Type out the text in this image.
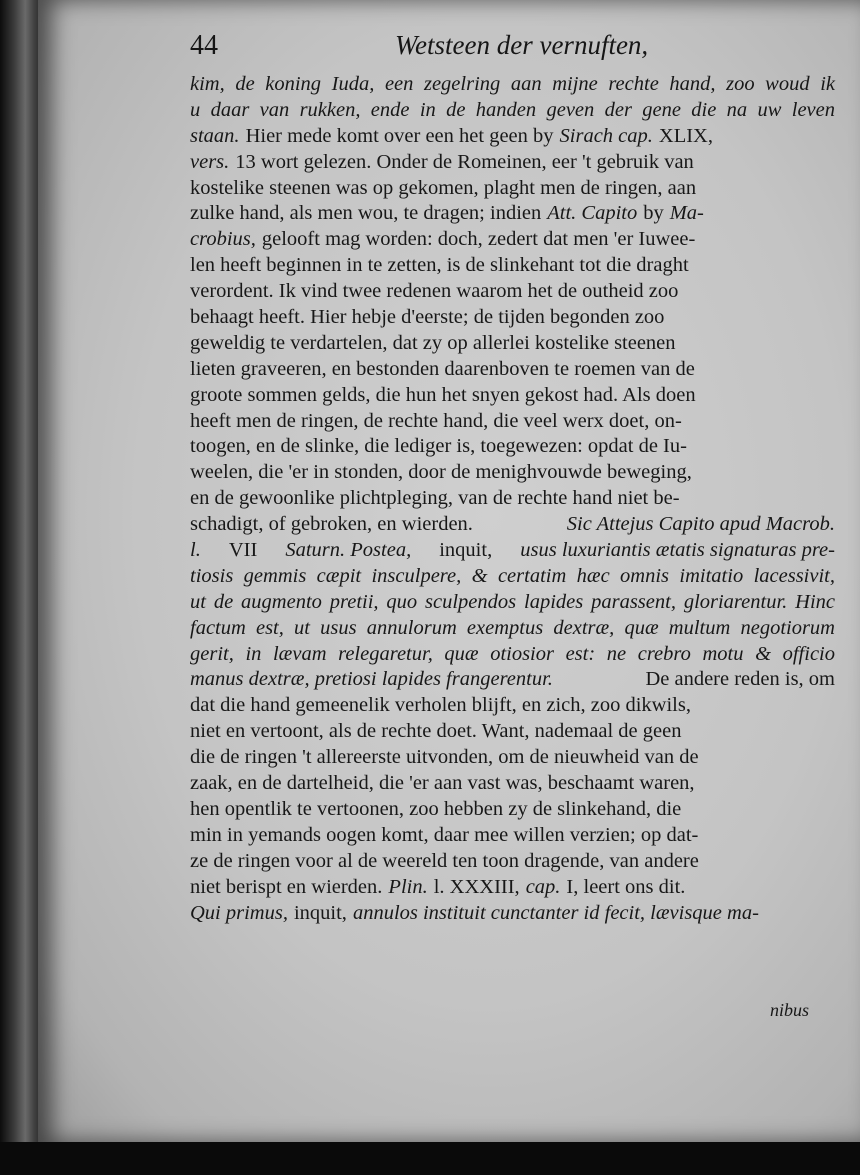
44	Wetsteen der vernuften,
kim, de koning Iuda, een zegelring aan mijne rechte hand, zoo woud ik
u daar van rukken, ende in de handen geven der gene die na uw leven
staan. Hier mede komt over een het geen by Sirach cap. XLIX,
vers. 13 wort gelezen. Onder de Romeinen, eer 't gebruik van
kostelike steenen was op gekomen, plaght men de ringen, aan
zulke hand, als men wou, te dragen; indien Att. Capito by Ma-
crobius, gelooft mag worden: doch, zedert dat men 'er Iuwee-
len heeft beginnen in te zetten, is de slinkehant tot die draght
verordent. Ik vind twee redenen waarom het de outheid zoo
behaagt heeft. Hier hebje d'eerste; de tijden begonden zoo
geweldig te verdartelen, dat zy op allerlei kostelike steenen
lieten graveeren, en bestonden daarenboven te roemen van de
groote sommen gelds, die hun het snyen gekost had. Als doen
heeft men de ringen, de rechte hand, die veel werx doet, on-
toogen, en de slinke, die lediger is, toegewezen: opdat de Iu-
weelen, die 'er in stonden, door de menighvouwde beweging,
en de gewoonlike plichtpleging, van de rechte hand niet be-
schadigt, of gebroken, en wierden.	Sic Attejus Capito apud Macrob.
l. VII Saturn. Postea, inquit, usus luxuriantis ætatis signaturas pre-
tiosis gemmis cæpit insculpere, & certatim hæc omnis imitatio lacessivit,
ut de augmento pretii, quo sculpendos lapides parassent, gloriarentur. Hinc
factum est, ut usus annulorum exemptus dextræ, quæ multum negotiorum
gerit, in lævam relegaretur, quæ otiosior est: ne crebro motu & officio
manus dextræ, pretiosi lapides frangerentur.	De andere reden is, om
dat die hand gemeenelik verholen blijft, en zich, zoo dikwils,
niet en vertoont, als de rechte doet. Want, nademaal de geen
die de ringen 't allereerste uitvonden, om de nieuwheid van de
zaak, en de dartelheid, die 'er aan vast was, beschaamt waren,
hen opentlik te vertoonen, zoo hebben zy de slinkehand, die
min in yemands oogen komt, daar mee willen verzien; op dat-
ze de ringen voor al de weereld ten toon dragende, van andere
niet berispt en wierden. Plin. l. XXXIII, cap. I, leert ons dit.
Qui primus, inquit, annulos instituit cunctanter id fecit, lævisque ma-
nibus
